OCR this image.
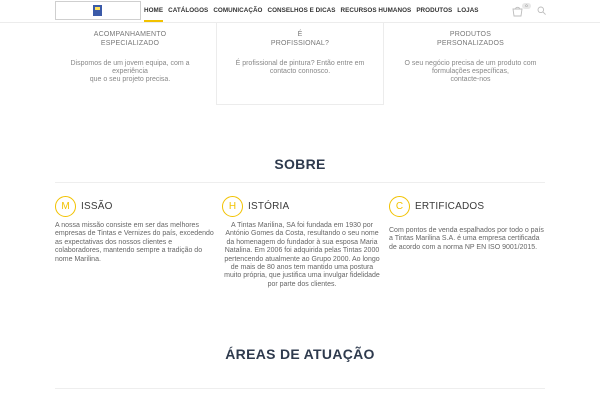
HOME CATÁLOGOS COMUNICAÇÃO CONSELHOS E DICAS RECURSOS HUMANOS PRODUTOS LOJAS
0
ACOMPANHAMENTO
ESPECIALIZADO
Dispomos de um jovem equipa, com a
experiência
que o seu projeto precisa.
É
PROFISSIONAL?
É profissional de pintura? Então entre em
contacto connosco.
PRODUTOS
PERSONALIZADOS
O seu negócio precisa de um produto com
formulações específicas,
contacte-nos
SOBRE
M	ISSÃO

A nossa missão consiste em ser das melhores empresas de Tintas e Vernizes do país, excedendo as expectativas dos nossos clientes e colaboradores, mantendo sempre a tradição do nome Marilina.

H	ISTÓRIA

A Tintas Marilina, SA foi fundada em 1930 por António Gomes da Costa, resultando o seu nome da homenagem do fundador à sua esposa Maria Natalina. Em 2006 foi adquirida pelas Tintas 2000 pertencendo atualmente ao Grupo 2000. Ao longo de mais de 80 anos tem mantido uma postura muito própria, que justifica uma invulgar fidelidade por parte dos clientes.

C	ERTIFICADOS

Com pontos de venda espalhados por todo o país a Tintas Marilina S.A. é uma empresa certificada de acordo com a norma NP EN ISO 9001/2015.

ÁREAS DE ATUAÇÃO
